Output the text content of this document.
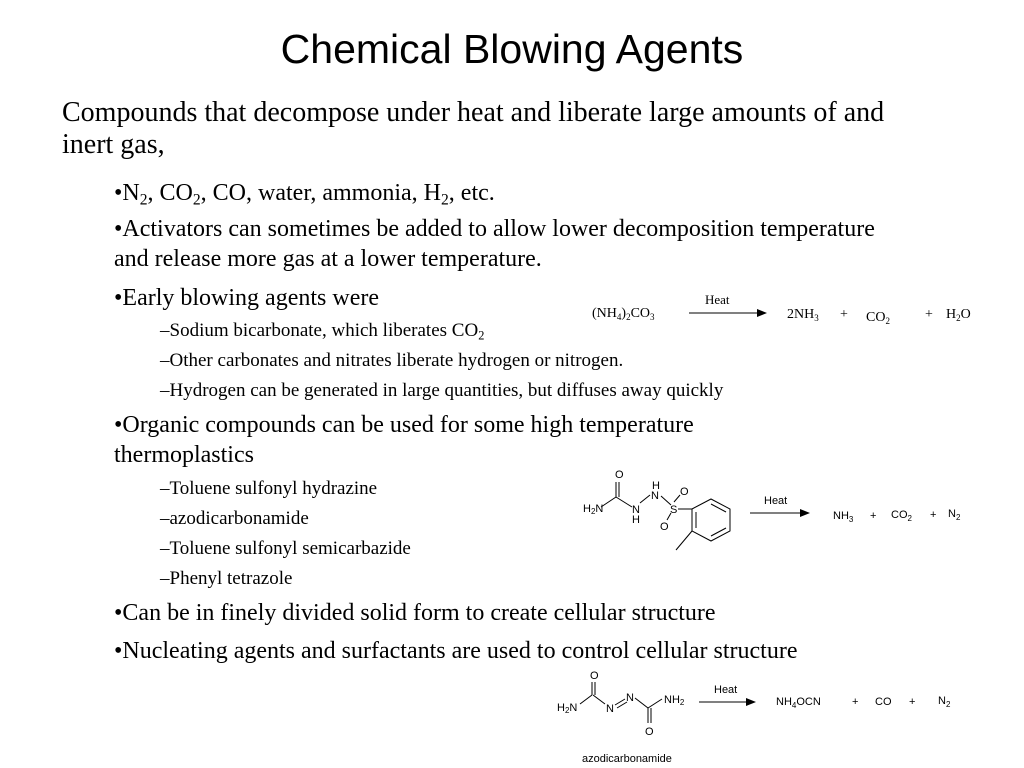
Chemical Blowing Agents
Compounds that decompose under heat and liberate large amounts of and inert gas,
$•N_2$, $CO_2$, CO, water, ammonia, $H_2$, etc.
•Activators can sometimes be added to allow lower decomposition temperature and release more gas at a lower temperature.
•Early blowing agents were
–Sodium bicarbonate, which liberates $CO_2$
–Other carbonates and nitrates liberate hydrogen or nitrogen.
–Hydrogen can be generated in large quantities, but diffuses away quickly
•Organic compounds can be used for some high temperature thermoplastics
–Toluene sulfonyl hydrazine
–azodicarbonamide
–Toluene sulfonyl semicarbazide
–Phenyl tetrazole
•Can be in finely divided solid form to create cellular structure
•Nucleating agents and surfactants are used to control cellular structure
$(NH_4)_2CO_3$
Heat
$2NH_3 + CO_2$	+ $H_2O$
O
H2N	N
H
H
N
S
O
O
Heat
$NH_3 + CO_2 + N_2$
O
H2N	N
N	NH2
O
Heat
$NH_4OCN$	+ CO + $N_2$
azodicarbonamide
